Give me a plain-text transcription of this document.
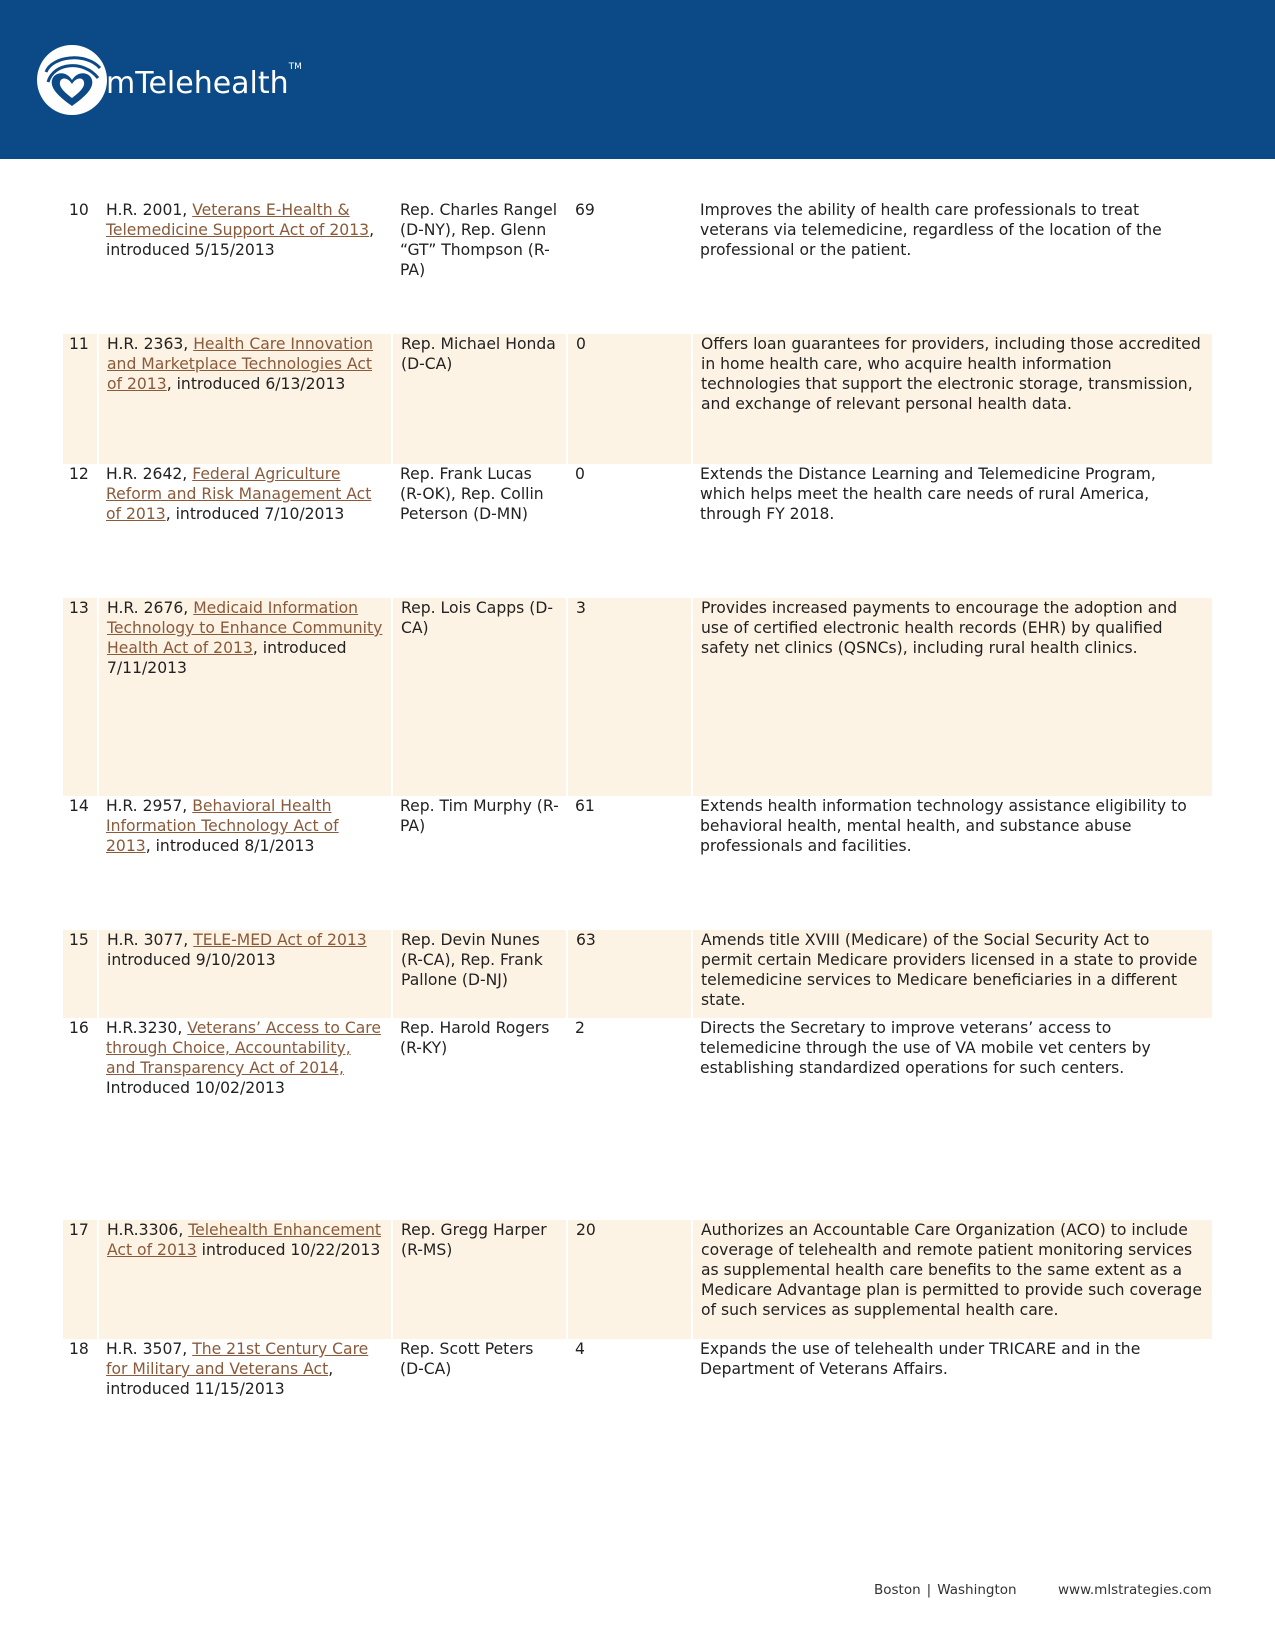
mTelehealth™
10	H.R. 2001, Veterans E-Health & Telemedicine Support Act of 2013, introduced 5/15/2013	Rep. Charles Rangel (D-NY), Rep. Glenn “GT” Thompson (R-PA)	69	Improves the ability of health care professionals to treat veterans via telemedicine, regardless of the location of the professional or the patient.
11	H.R. 2363, Health Care Innovation and Marketplace Technologies Act of 2013, introduced 6/13/2013	Rep. Michael Honda (D-CA)	0	Offers loan guarantees for providers, including those accredited in home health care, who acquire health information technologies that support the electronic storage, transmission, and exchange of relevant personal health data.
12	H.R. 2642, Federal Agriculture Reform and Risk Management Act of 2013, introduced 7/10/2013	Rep. Frank Lucas (R-OK), Rep. Collin Peterson (D-MN)	0	Extends the Distance Learning and Telemedicine Program, which helps meet the health care needs of rural America, through FY 2018.
13	H.R. 2676, Medicaid Information Technology to Enhance Community Health Act of 2013, introduced 7/11/2013	Rep. Lois Capps (D-CA)	3	Provides increased payments to encourage the adoption and use of certified electronic health records (EHR) by qualified safety net clinics (QSNCs), including rural health clinics.
14	H.R. 2957, Behavioral Health Information Technology Act of 2013, introduced 8/1/2013	Rep. Tim Murphy (R-PA)	61	Extends health information technology assistance eligibility to behavioral health, mental health, and substance abuse professionals and facilities.
15	H.R. 3077, TELE-MED Act of 2013 introduced 9/10/2013	Rep. Devin Nunes (R-CA), Rep. Frank Pallone (D-NJ)	63	Amends title XVIII (Medicare) of the Social Security Act to permit certain Medicare providers licensed in a state to provide telemedicine services to Medicare beneficiaries in a different state.
16	H.R.3230, Veterans’ Access to Care through Choice, Accountability, and Transparency Act of 2014, Introduced 10/02/2013	Rep. Harold Rogers (R-KY)	2	Directs the Secretary to improve veterans’ access to telemedicine through the use of VA mobile vet centers by establishing standardized operations for such centers.
17	H.R.3306, Telehealth Enhancement Act of 2013 introduced 10/22/2013	Rep. Gregg Harper (R-MS)	20	Authorizes an Accountable Care Organization (ACO) to include coverage of telehealth and remote patient monitoring services as supplemental health care benefits to the same extent as a Medicare Advantage plan is permitted to provide such coverage of such services as supplemental health care.
18	H.R. 3507, The 21st Century Care for Military and Veterans Act, introduced 11/15/2013	Rep. Scott Peters (D-CA)	4	Expands the use of telehealth under TRICARE and in the Department of Veterans Affairs.
Boston | Washington	www.mlstrategies.com
